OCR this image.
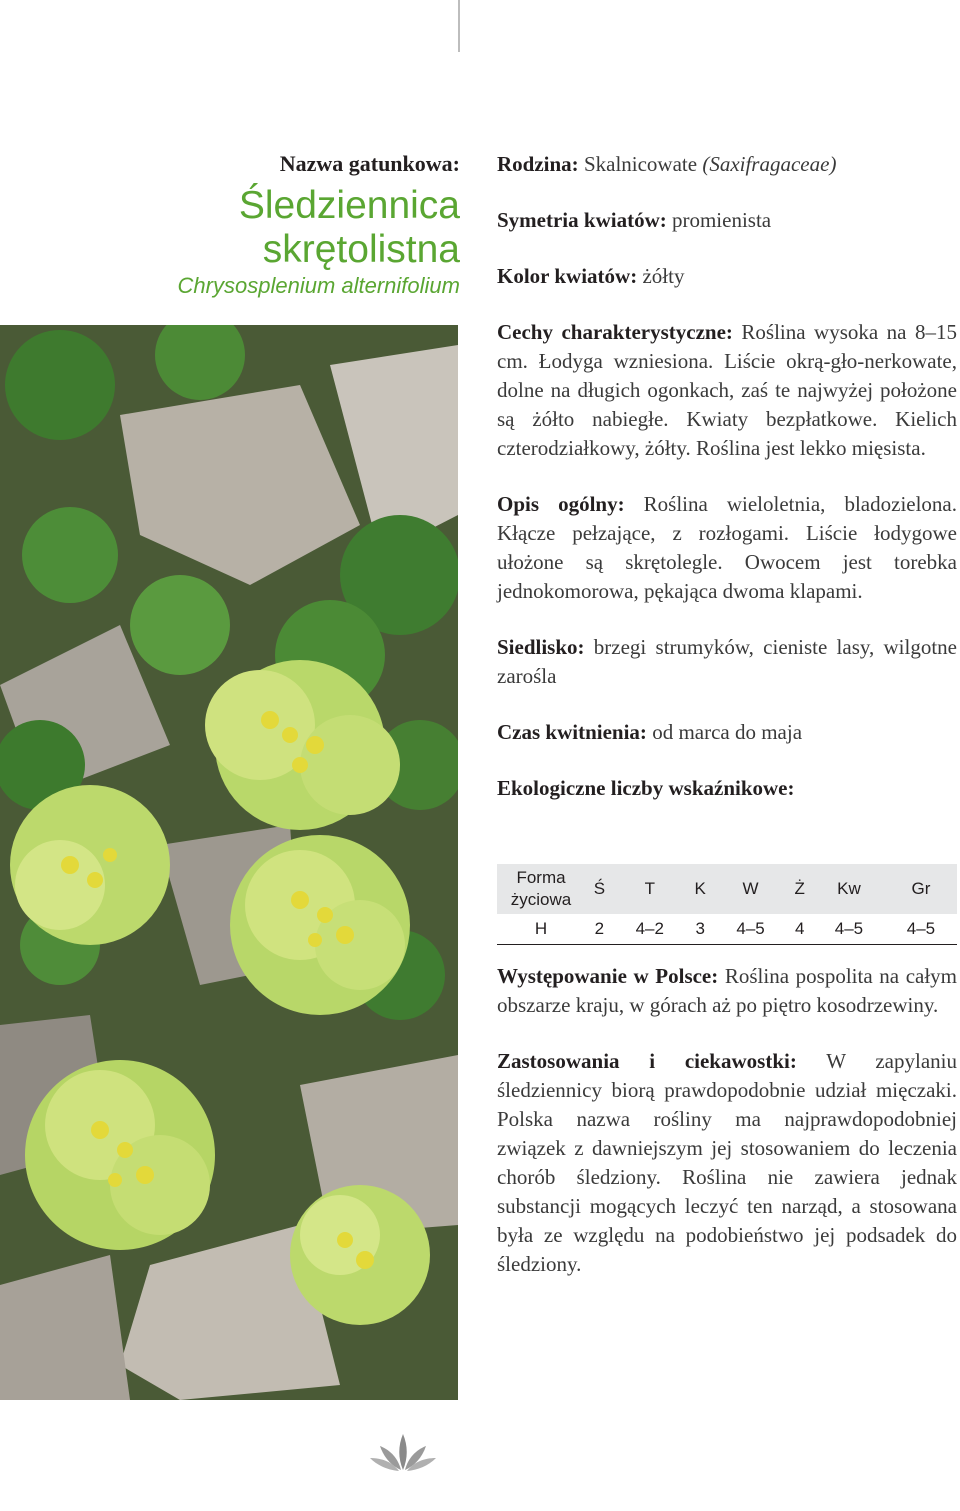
Nazwa gatunkowa:
Śledziennica
skrętolistna
Chrysosplenium alternifolium

Rodzina: Skalnicowate (Saxifragaceae)

Symetria kwiatów: promienista

Kolor kwiatów: żółty

Cechy charakterystyczne: Roślina wysoka na 8–15 cm. Łodyga wzniesiona. Liście okrą-gło-nerkowate, dolne na długich ogonkach, zaś te najwyżej położone są żółto nabiegłe. Kwiaty bezpłatkowe. Kielich czterodziałkowy, żółty. Roślina jest lekko mięsista.

Opis ogólny: Roślina wieloletnia, bladozielona. Kłącze pełzające, z rozłogami. Liście łodygowe ułożone są skrętolegle. Owocem jest torebka jednokomorowa, pękająca dwoma klapami.

Siedlisko: brzegi strumyków, cieniste lasy, wilgotne zarośla

Czas kwitnienia: od marca do maja

Ekologiczne liczby wskaźnikowe:

Forma
życiowa	Ś	T	K	W	Ż	Kw	Gr
H	2	4–2	3	4–5	4	4–5	4–5

Występowanie w Polsce: Roślina pospolita na całym obszarze kraju, w górach aż po piętro kosodrzewiny.

Zastosowania i ciekawostki: W zapylaniu śledziennicy biorą prawdopodobnie udział mięczaki. Polska nazwa rośliny ma najprawdopodobniej związek z dawniejszym jej stosowaniem do leczenia chorób śledziony. Roślina nie zawiera jednak substancji mogących leczyć ten narząd, a stosowana była ze względu na podobieństwo jej podsadek do śledziony.
